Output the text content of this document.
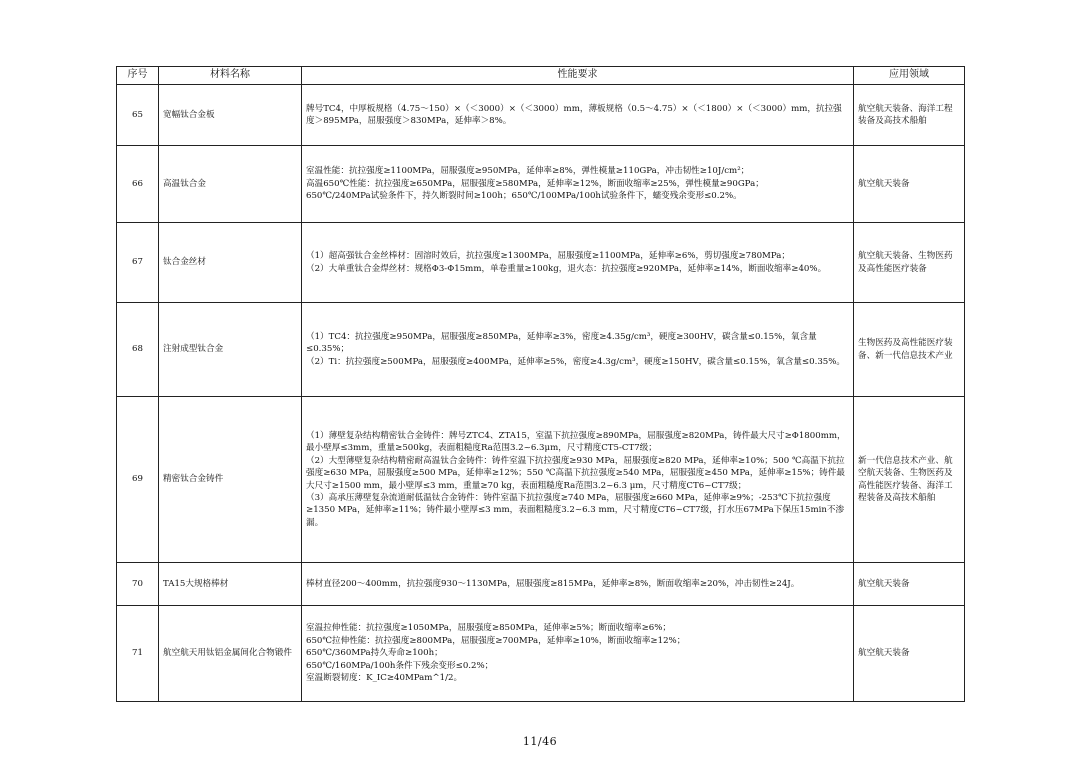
序号	材料名称	性能要求	应用领域
65	宽幅钛合金板	牌号TC4，中厚板规格（4.75～150）×（＜3000）×（＜3000）mm，薄板规格（0.5～4.75）×（＜1800）×（＜3000）mm，抗拉强度＞895MPa，屈服强度＞830MPa，延伸率＞8%。	航空航天装备、海洋工程装备及高技术船舶
66	高温钛合金	室温性能：抗拉强度≥1100MPa，屈服强度≥950MPa，延伸率≥8%，弹性模量≥110GPa，冲击韧性≥10J/cm²；
高温650℃性能：抗拉强度≥650MPa，屈服强度≥580MPa，延伸率≥12%，断面收缩率≥25%，弹性模量≥90GPa；
650℃/240MPa试验条件下，持久断裂时间≥100h；650℃/100MPa/100h试验条件下，蠕变残余变形≤0.2%。	航空航天装备
67	钛合金丝材	（1）超高强钛合金丝棒材：固溶时效后，抗拉强度≥1300MPa，屈服强度≥1100MPa，延伸率≥6%，剪切强度≥780MPa；
（2）大单重钛合金焊丝材：规格Φ3-Φ15mm，单卷重量≥100kg，退火态：抗拉强度≥920MPa，延伸率≥14%，断面收缩率≥40%。	航空航天装备、生物医药及高性能医疗装备
68	注射成型钛合金	（1）TC4：抗拉强度≥950MPa，屈服强度≥850MPa，延伸率≥3%，密度≥4.35g/cm³，硬度≥300HV，碳含量≤0.15%，氧含量≤0.35%；
（2）Ti：抗拉强度≥500MPa，屈服强度≥400MPa，延伸率≥5%，密度≥4.3g/cm³，硬度≥150HV，碳含量≤0.15%，氧含量≤0.35%。	生物医药及高性能医疗装备、新一代信息技术产业
69	精密钛合金铸件	（1）薄壁复杂结构精密钛合金铸件：牌号ZTC4、ZTA15，室温下抗拉强度≥890MPa，屈服强度≥820MPa，铸件最大尺寸≥Φ1800mm，最小壁厚≤3mm，重量≥500kg，表面粗糙度Ra范围3.2~6.3μm，尺寸精度CT5-CT7级；
（2）大型薄壁复杂结构精密耐高温钛合金铸件：铸件室温下抗拉强度≥930 MPa，屈服强度≥820 MPa，延伸率≥10%；500 ℃高温下抗拉强度≥630 MPa，屈服强度≥500 MPa，延伸率≥12%；550 ℃高温下抗拉强度≥540 MPa，屈服强度≥450 MPa，延伸率≥15%；铸件最大尺寸≥1500 mm，最小壁厚≤3 mm，重量≥70 kg，表面粗糙度Ra范围3.2~6.3 μm，尺寸精度CT6~CT7级；
（3）高承压薄壁复杂流道耐低温钛合金铸件：铸件室温下抗拉强度≥740 MPa，屈服强度≥660 MPa，延伸率≥9%；-253℃下抗拉强度≥1350 MPa，延伸率≥11%；铸件最小壁厚≤3 mm，表面粗糙度3.2~6.3 mm，尺寸精度CT6~CT7级，打水压67MPa下保压15min不渗漏。	新一代信息技术产业、航空航天装备、生物医药及高性能医疗装备、海洋工程装备及高技术船舶
70	TA15大规格棒材	棒材直径200～400mm，抗拉强度930～1130MPa，屈服强度≥815MPa，延伸率≥8%，断面收缩率≥20%，冲击韧性≥24J。	航空航天装备
71	航空航天用钛铝金属间化合物锻件	室温拉伸性能：抗拉强度≥1050MPa，屈服强度≥850MPa，延伸率≥5%；断面收缩率≥6%；
650℃拉伸性能：抗拉强度≥800MPa，屈服强度≥700MPa，延伸率≥10%，断面收缩率≥12%；
650℃/360MPa持久寿命≥100h；
650℃/160MPa/100h条件下残余变形≤0.2%；
室温断裂韧度：K_IC≥40MPam^1/2。	航空航天装备
11/46
